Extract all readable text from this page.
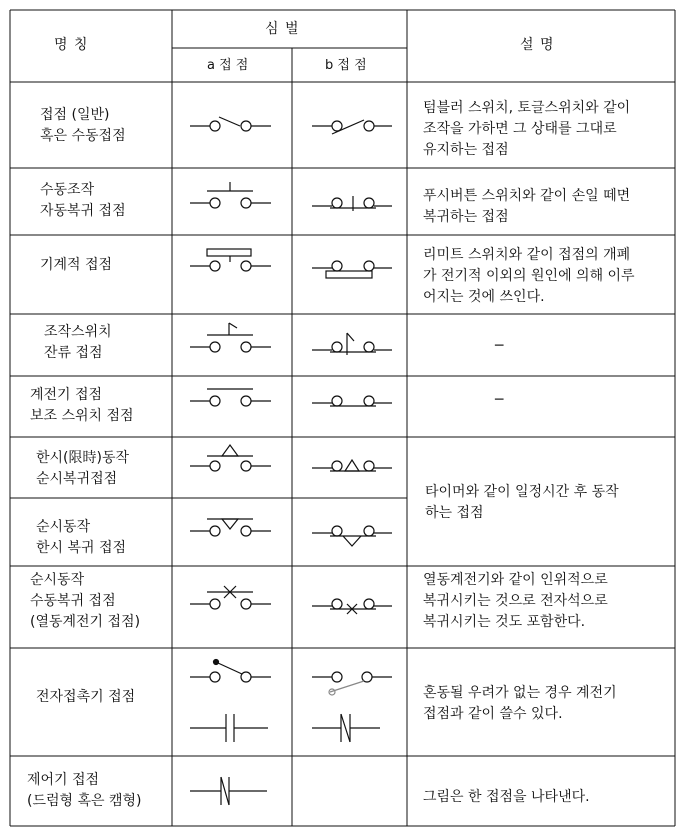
명 칭
심 벌
a 접 점	b 접 점
설 명
접점 (일반)
혹은 수동접점
수동조작
자동복귀 접점
기계적 접점
조작스위치
잔류 접점
계전기 접점
보조 스위치 점점
한시(限時)동작
순시복귀접점
순시동작
한시 복귀 접점
순시동작
수동복귀 접점
(열동계전기 접점)
전자접촉기 접점
제어기 접점
(드럼형 혹은 캠형)
텀블러 스위치, 토글스위치와 같이
조작을 가하면 그 상태를 그대로
유지하는 접점
푸시버튼 스위치와 같이 손일 떼면
복귀하는 접점
리미트 스위치와 같이 접점의 개폐
가 전기적 이외의 원인에 의해 이루
어지는 것에 쓰인다.
─
─
타이머와 같이 일정시간 후 동작
하는 접점
열동계전기와 같이 인위적으로
복귀시키는 것으로 전자석으로
복귀시키는 것도 포함한다.
혼동될 우려가 없는 경우 계전기
접점과 같이 쓸수 있다.
그림은 한 접점을 나타낸다.
